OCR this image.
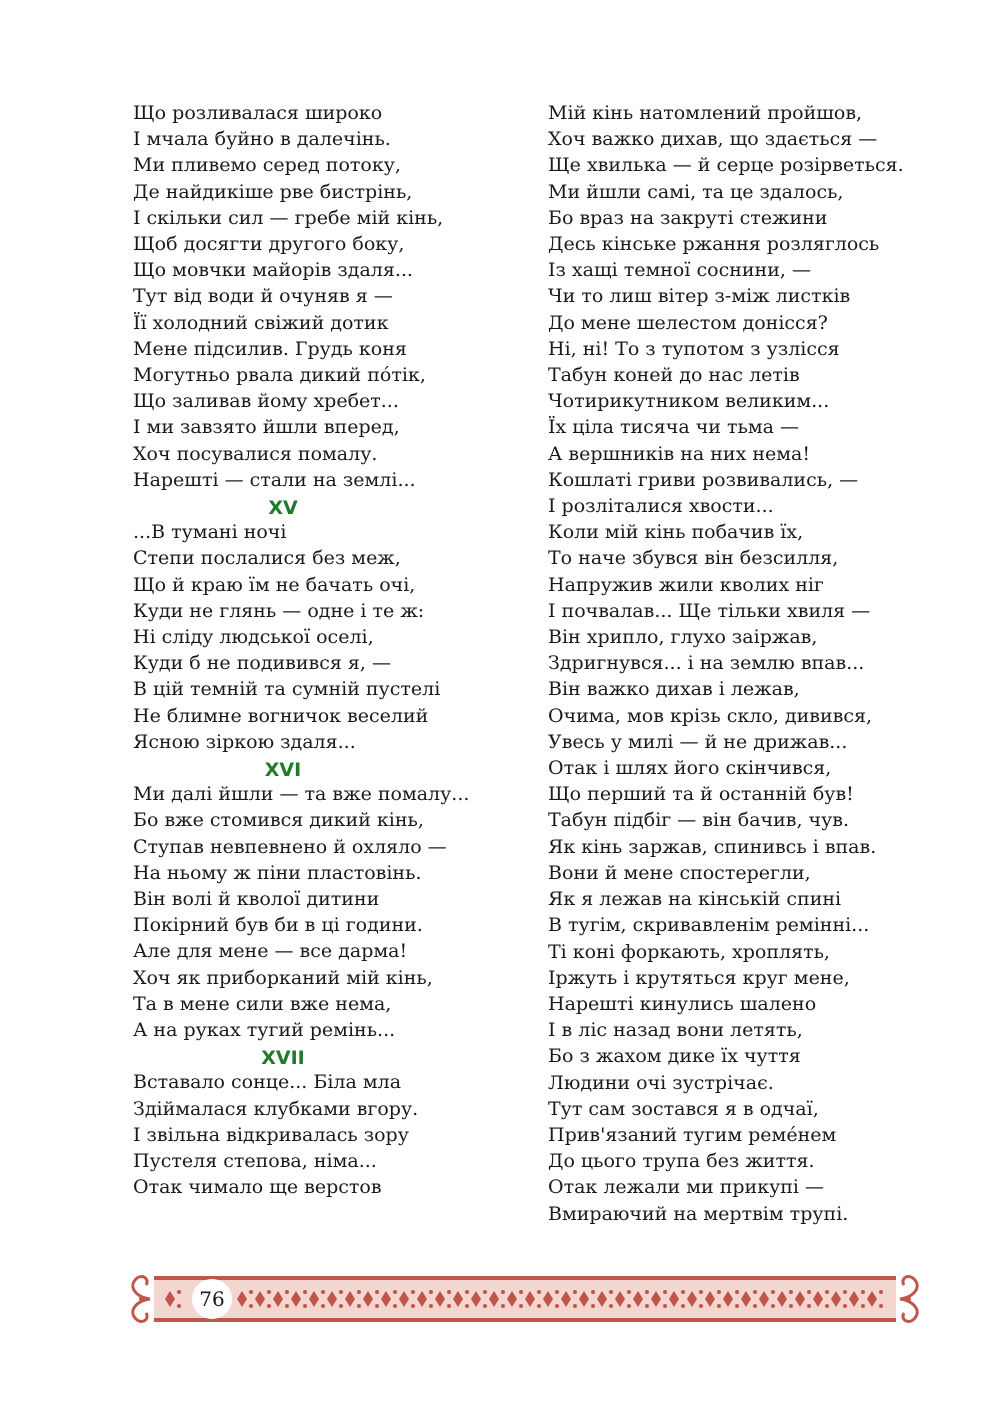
Що розливалася широко
І мчала буйно в далечінь.
Ми пливемо серед потоку,
Де найдикіше рве бистрінь,
І скільки сил — гребе мій кінь,
Щоб досягти другого боку,
Що мовчки майорів здаля...
Тут від води й очуняв я —
Її холодний свіжий дотик
Мене підсилив. Грудь коня
Могутньо рвала дикий по́тік,
Що заливав йому хребет...
І ми завзято йшли вперед,
Хоч посувалися помалу.
Нарешті — стали на землі...
XV
...В тумані ночі
Степи послалися без меж,
Що й краю їм не бачать очі,
Куди не глянь — одне і те ж:
Ні сліду людської оселі,
Куди б не подивився я, —
В цій темній та сумній пустелі
Не блимне вогничок веселий
Ясною зіркою здаля...
XVI
Ми далі йшли — та вже помалу...
Бо вже стомився дикий кінь,
Ступав невпевнено й охляло —
На ньому ж піни пластовінь.
Він волі й кволої дитини
Покірний був би в ці години.
Але для мене — все дарма!
Хоч як приборканий мій кінь,
Та в мене сили вже нема,
А на руках тугий ремінь...
XVII
Вставало сонце... Біла мла
Здіймалася клубками вгору.
І звільна відкривалась зору
Пустеля степова, німа...
Отак чимало ще верстов
Мій кінь натомлений пройшов,
Хоч важко дихав, що здається —
Ще хвилька — й серце розірветься.
Ми йшли самі, та це здалось,
Бо враз на закруті стежини
Десь кінське ржання розляглось
Із хащі темної соснини, —
Чи то лиш вітер з-між листків
До мене шелестом донісся?
Ні, ні! То з тупотом з узлісся
Табун коней до нас летів
Чотирикутником великим...
Їх ціла тисяча чи тьма —
А вершників на них нема!
Кошлаті гриви розвивались, —
І розліталися хвости...
Коли мій кінь побачив їх,
То наче збувся він безсилля,
Напружив жили кволих ніг
І почвалав... Ще тільки хвиля —
Він хрипло, глухо заіржав,
Здригнувся... і на землю впав...
Він важко дихав і лежав,
Очима, мов крізь скло, дивився,
Увесь у милі — й не дрижав...
Отак і шлях його скінчився,
Що перший та й останній був!
Табун підбіг — він бачив, чув.
Як кінь заржав, спинивсь і впав.
Вони й мене спостерегли,
Як я лежав на кінській спині
В тугім, скривавленім ремінні...
Ті коні форкають, хроплять,
Іржуть і крутяться круг мене,
Нарешті кинулись шалено
І в ліс назад вони летять,
Бо з жахом дике їх чуття
Людини очі зустрічає.
Тут сам зостався я в одчаї,
Прив'язаний тугим реме́нем
До цього трупа без життя.
Отак лежали ми прикупі —
Вмираючий на мертвім трупі.
76
